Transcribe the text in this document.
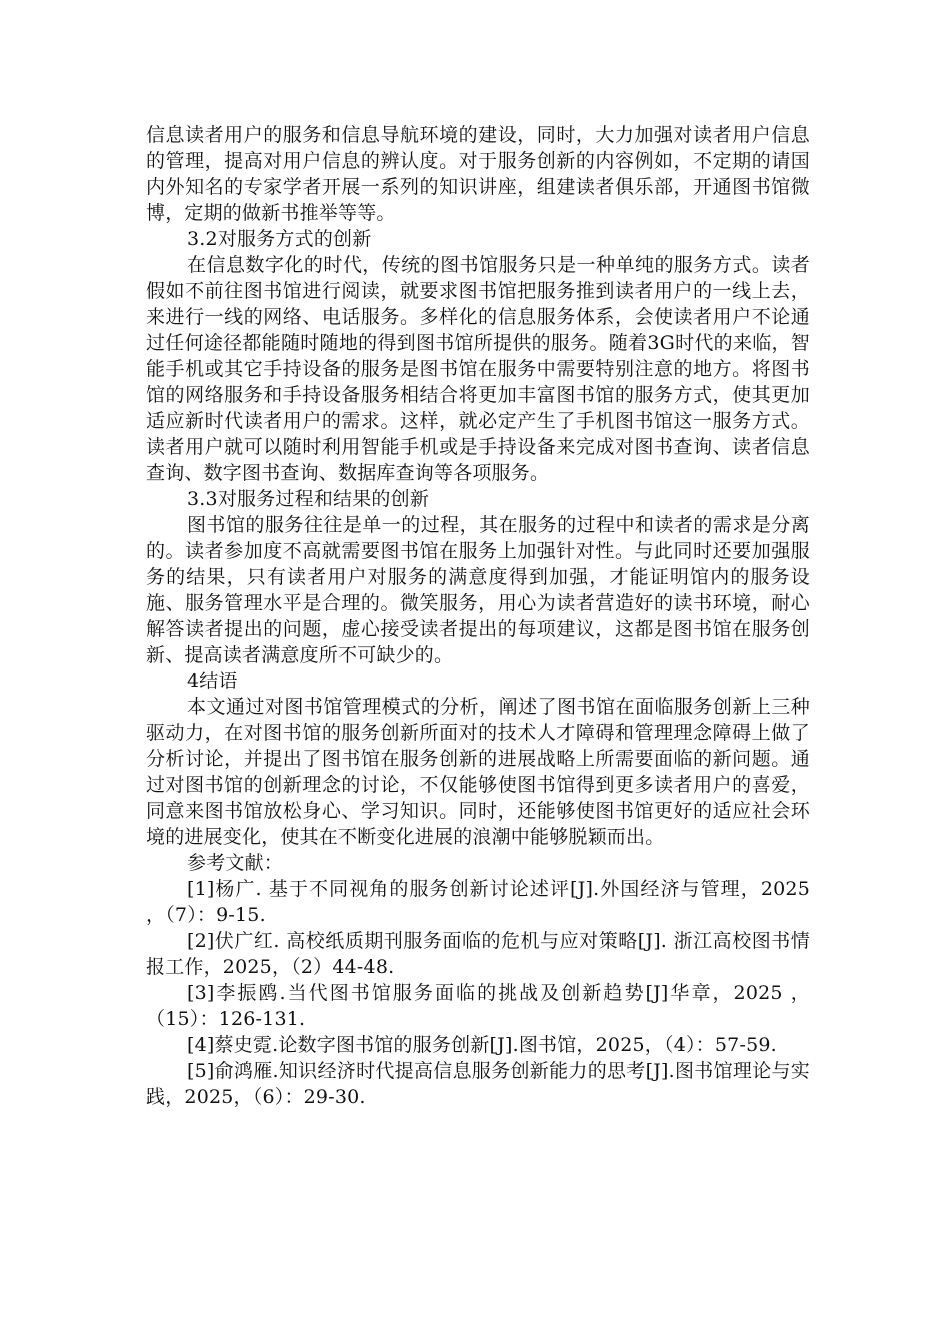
信息读者用户的服务和信息导航环境的建设，同时，大力加强对读者用户信息的管理，提高对用户信息的辨认度。对于服务创新的内容例如，不定期的请国内外知名的专家学者开展一系列的知识讲座，组建读者俱乐部，开通图书馆微博，定期的做新书推举等等。

3.2对服务方式的创新

在信息数字化的时代，传统的图书馆服务只是一种单纯的服务方式。读者假如不前往图书馆进行阅读，就要求图书馆把服务推到读者用户的一线上去，来进行一线的网络、电话服务。多样化的信息服务体系，会使读者用户不论通过任何途径都能随时随地的得到图书馆所提供的服务。随着3G时代的来临，智能手机或其它手持设备的服务是图书馆在服务中需要特别注意的地方。将图书馆的网络服务和手持设备服务相结合将更加丰富图书馆的服务方式，使其更加适应新时代读者用户的需求。这样，就必定产生了手机图书馆这一服务方式。读者用户就可以随时利用智能手机或是手持设备来完成对图书查询、读者信息查询、数字图书查询、数据库查询等各项服务。

3.3对服务过程和结果的创新

图书馆的服务往往是单一的过程，其在服务的过程中和读者的需求是分离的。读者参加度不高就需要图书馆在服务上加强针对性。与此同时还要加强服务的结果，只有读者用户对服务的满意度得到加强，才能证明馆内的服务设施、服务管理水平是合理的。微笑服务，用心为读者营造好的读书环境，耐心解答读者提出的问题，虚心接受读者提出的每项建议，这都是图书馆在服务创新、提高读者满意度所不可缺少的。

4结语

本文通过对图书馆管理模式的分析，阐述了图书馆在面临服务创新上三种驱动力，在对图书馆的服务创新所面对的技术人才障碍和管理理念障碍上做了分析讨论，并提出了图书馆在服务创新的进展战略上所需要面临的新问题。通过对图书馆的创新理念的讨论，不仅能够使图书馆得到更多读者用户的喜爱，同意来图书馆放松身心、学习知识。同时，还能够使图书馆更好的适应社会环境的进展变化，使其在不断变化进展的浪潮中能够脱颖而出。

参考文献：

[1]杨广. 基于不同视角的服务创新讨论述评[J].外国经济与管理，2025 ，（7）：9-15.

[2]伏广红. 高校纸质期刊服务面临的危机与应对策略[J]. 浙江高校图书情报工作，2025，（2）44-48.

[3]李振鸥.当代图书馆服务面临的挑战及创新趋势[J]华章，2025 ，（15）：126-131.

[4]蔡史霓.论数字图书馆的服务创新[J].图书馆，2025，（4）：57-59.

[5]俞鸿雁.知识经济时代提高信息服务创新能力的思考[J].图书馆理论与实践，2025，（6）：29-30.
